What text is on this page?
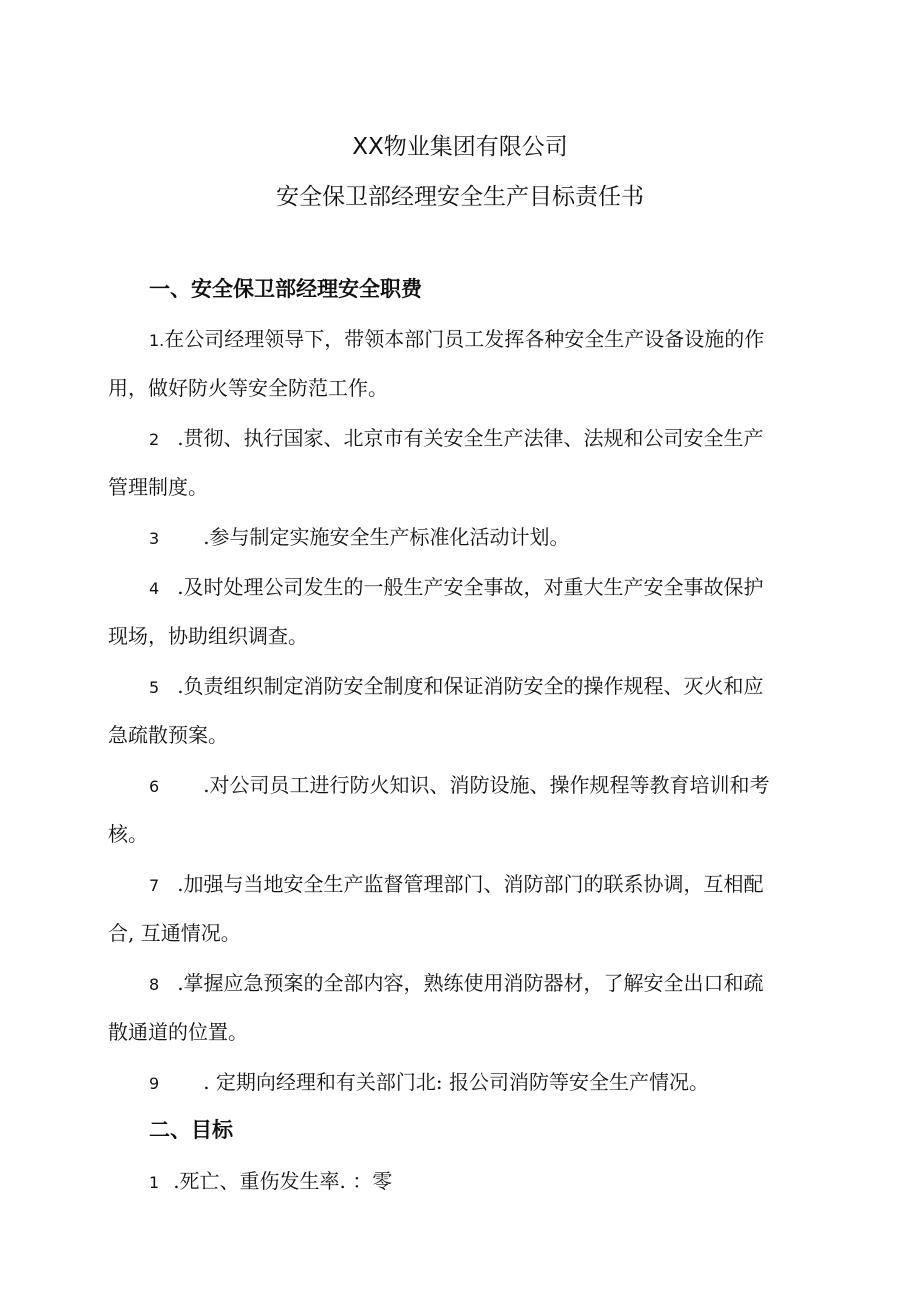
XX物业集团有限公司
安全保卫部经理安全生产目标责任书
一、安全保卫部经理安全职费
1.在公司经理领导下，带领本部门员工发挥各种安全生产设备设施的作
用，做好防火等安全防范工作。
2 .贯彻、执行国家、北京市有关安全生产法律、法规和公司安全生产
管理制度。
3 .参与制定实施安全生产标准化活动计划。
4 .及时处理公司发生的一般生产安全事故，对重大生产安全事故保护
现场，协助组织调查。
5 .负责组织制定消防安全制度和保证消防安全的操作规程、灭火和应
急疏散预案。
6 .对公司员工进行防火知识、消防设施、操作规程等教育培训和考
核。
7 .加强与当地安全生产监督管理部门、消防部门的联系协调，互相配
合, 互通情况。
8 .掌握应急预案的全部内容，熟练使用消防器材，了解安全出口和疏
散通道的位置。
9 . 定期向经理和有关部门北: 报公司消防等安全生产情况。
二、目标
1 .死亡、重伤发生率. ：零
